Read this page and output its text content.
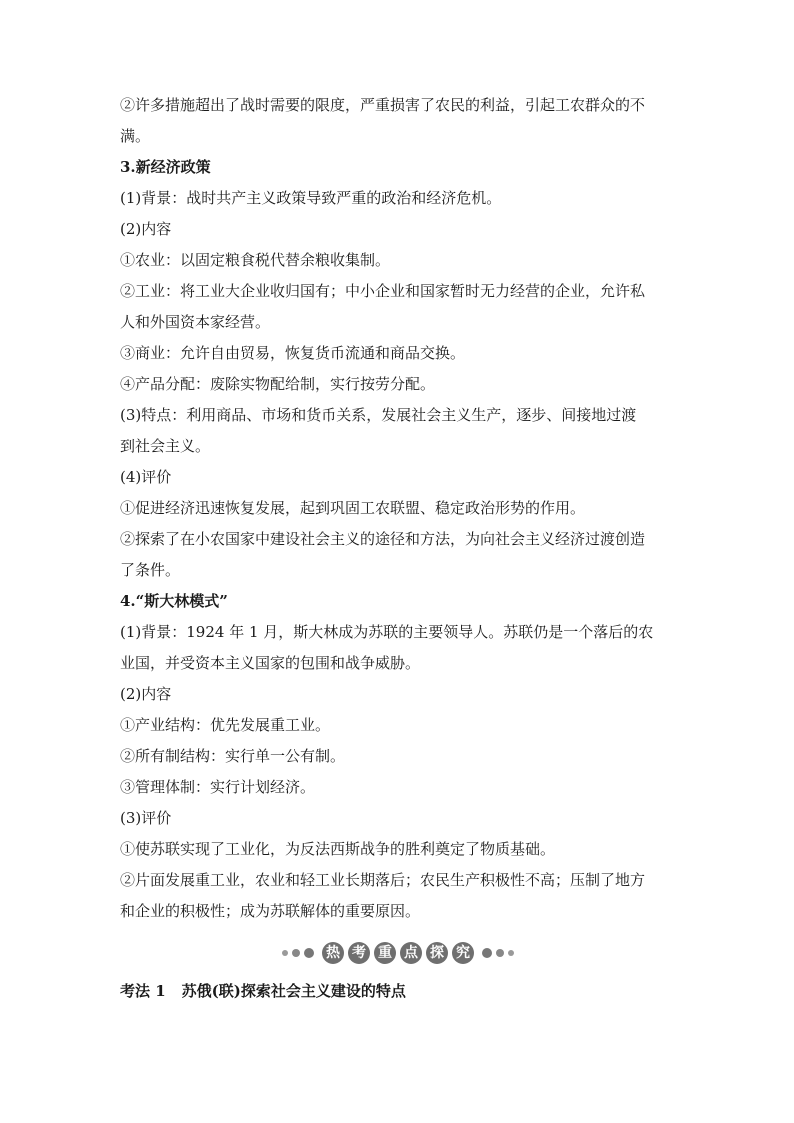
②许多措施超出了战时需要的限度，严重损害了农民的利益，引起工农群众的不
满。
3.新经济政策
(1)背景：战时共产主义政策导致严重的政治和经济危机。
(2)内容
①农业：以固定粮食税代替余粮收集制。
②工业：将工业大企业收归国有；中小企业和国家暂时无力经营的企业，允许私
人和外国资本家经营。
③商业：允许自由贸易，恢复货币流通和商品交换。
④产品分配：废除实物配给制，实行按劳分配。
(3)特点：利用商品、市场和货币关系，发展社会主义生产，逐步、间接地过渡
到社会主义。
(4)评价
①促进经济迅速恢复发展，起到巩固工农联盟、稳定政治形势的作用。
②探索了在小农国家中建设社会主义的途径和方法，为向社会主义经济过渡创造
了条件。
4.“斯大林模式”
(1)背景：1924 年 1 月，斯大林成为苏联的主要领导人。苏联仍是一个落后的农
业国，并受资本主义国家的包围和战争威胁。
(2)内容
①产业结构：优先发展重工业。
②所有制结构：实行单一公有制。
③管理体制：实行计划经济。
(3)评价
①使苏联实现了工业化，为反法西斯战争的胜利奠定了物质基础。
②片面发展重工业，农业和轻工业长期落后；农民生产积极性不高；压制了地方
和企业的积极性；成为苏联解体的重要原因。
热 考 重 点 探 究
考法 1 苏俄(联)探索社会主义建设的特点
